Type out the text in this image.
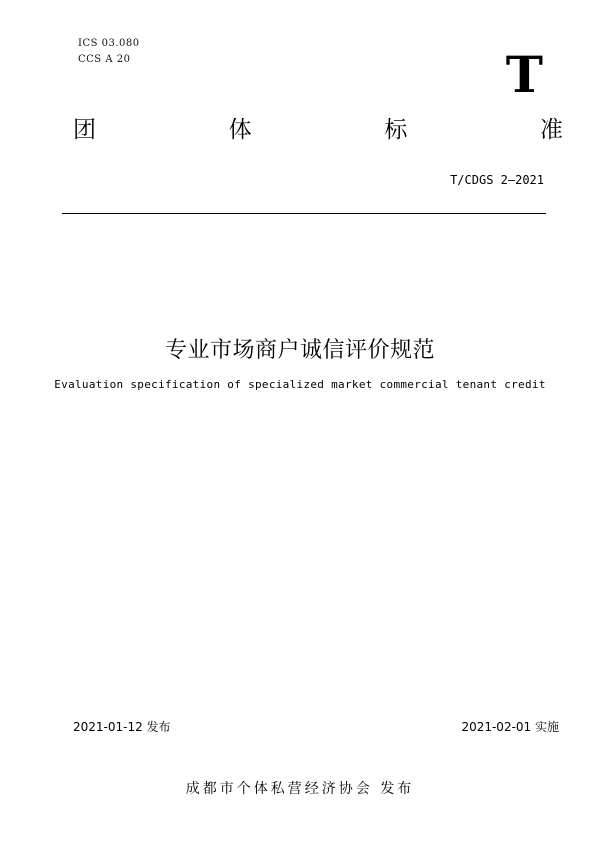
ICS 03.080
CCS A 20	T
团	体	标	准
T/CDGS 2—2021
专业市场商户诚信评价规范
Evaluation specification of specialized market commercial tenant credit
2021-01-12 发布	2021-02-01 实施
成都市个体私营经济协会 发布
